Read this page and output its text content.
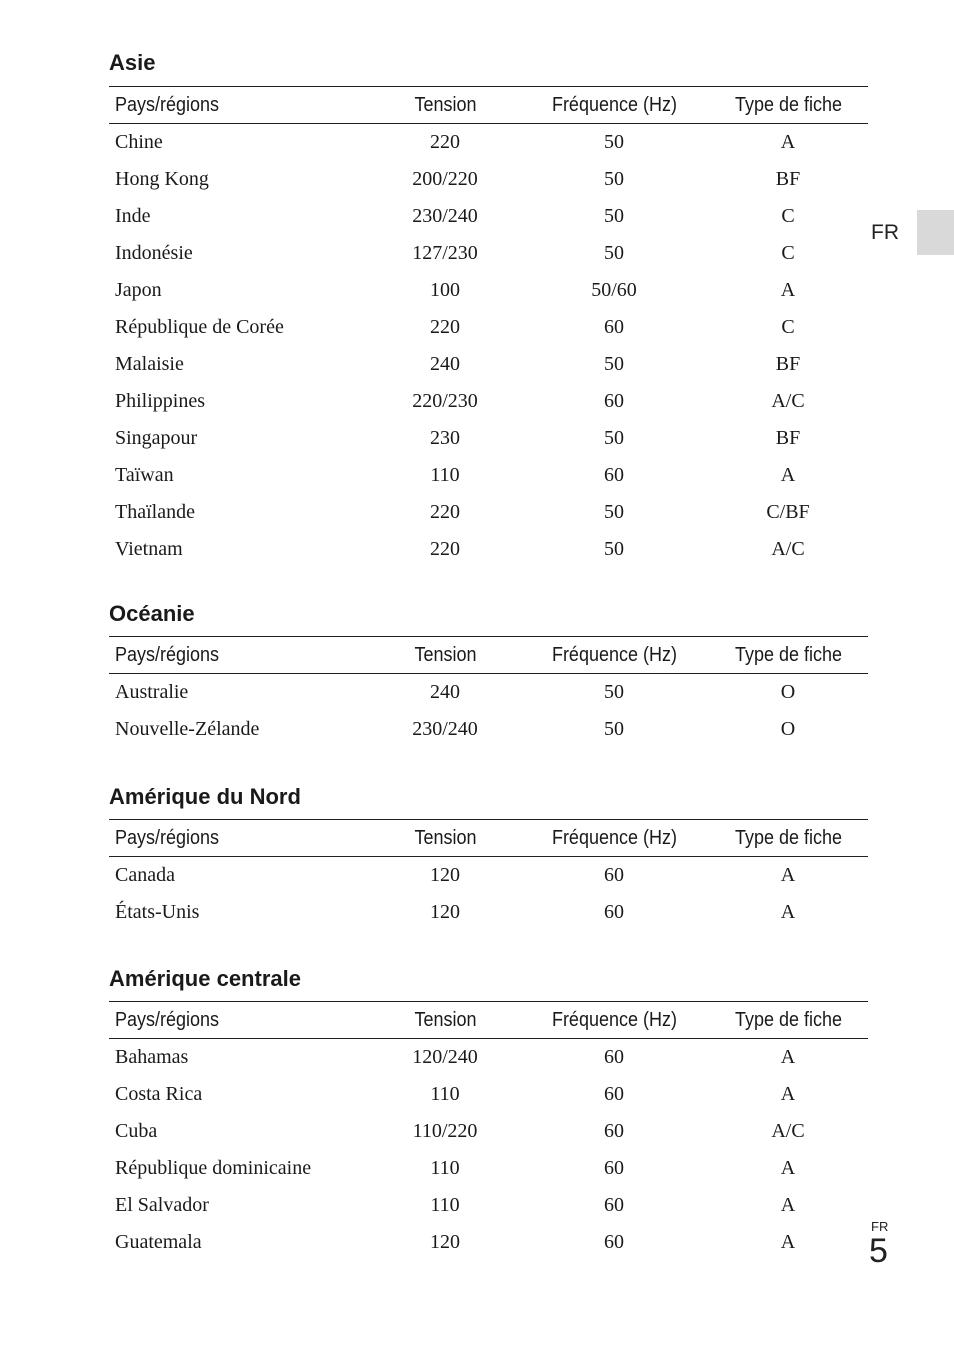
FR
Asie
Pays/régions	Tension	Fréquence (Hz)	Type de fiche
Chine	220	50	A
Hong Kong	200/220	50	BF
Inde	230/240	50	C
Indonésie	127/230	50	C
Japon	100	50/60	A
République de Corée	220	60	C
Malaisie	240	50	BF
Philippines	220/230	60	A/C
Singapour	230	50	BF
Taïwan	110	60	A
Thaïlande	220	50	C/BF
Vietnam	220	50	A/C
Océanie
Pays/régions	Tension	Fréquence (Hz)	Type de fiche
Australie	240	50	O
Nouvelle-Zélande	230/240	50	O
Amérique du Nord
Pays/régions	Tension	Fréquence (Hz)	Type de fiche
Canada	120	60	A
États-Unis	120	60	A
Amérique centrale
Pays/régions	Tension	Fréquence (Hz)	Type de fiche
Bahamas	120/240	60	A
Costa Rica	110	60	A
Cuba	110/220	60	A/C
République dominicaine	110	60	A
El Salvador	110	60	A
Guatemala	120	60	A
FR
5
